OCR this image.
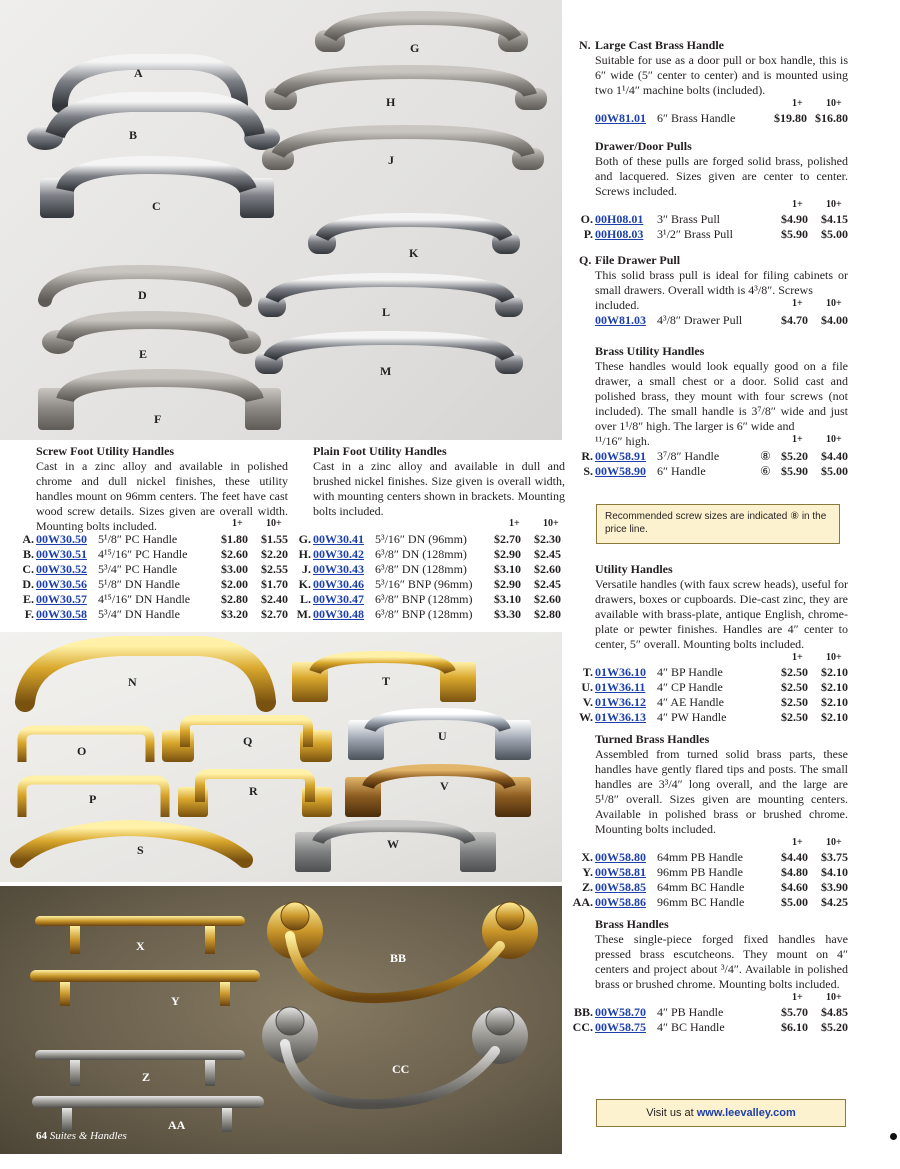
A
B
C
D
E
F
G
H
J
K
L
M
Screw Foot Utility Handles
Cast in a zinc alloy and available in polished chrome and dull nickel finishes, these utility handles mount on 96mm centers. The feet have cast wood screw details. Sizes given are overall width. Mounting bolts included.	1+ 10+
A. 00W30.50 5¹/8″ PC Handle	$1.80	$1.55
B. 00W30.51 4¹⁵/16″ PC Handle	$2.60	$2.20
C. 00W30.52 5³/4″ PC Handle	$3.00	$2.55
D. 00W30.56 5¹/8″ DN Handle	$2.00	$1.70
E. 00W30.57 4¹⁵/16″ DN Handle	$2.80	$2.40
F. 00W30.58 5³/4″ DN Handle	$3.20	$2.70
Plain Foot Utility Handles
Cast in a zinc alloy and available in dull and brushed nickel finishes. Size given is overall width, with mounting centers shown in brackets. Mounting bolts included.
1+ 10+
G. 00W30.41 5³/16″ DN (96mm)	$2.70	$2.30
H. 00W30.42 6³/8″ DN (128mm)	$2.90	$2.45
J. 00W30.43 6³/8″ DN (128mm)	$3.10	$2.60
K. 00W30.46 5³/16″ BNP (96mm)	$2.90	$2.45
L. 00W30.47 6³/8″ BNP (128mm)	$3.10	$2.60
M. 00W30.48 6³/8″ BNP (128mm)	$3.30	$2.80
N
O
P
Q
R
S
T
U
V
W
X
Y
Z
AA
BB
CC
64 Suites & Handles
N. Large Cast Brass Handle
Suitable for use as a door pull or box handle, this is 6″ wide (5″ center to center) and is mounted using two 1¹/4″ machine bolts (included).
1+ 10+
00W81.01 6″ Brass Handle	$19.80 $16.80
Drawer/Door Pulls
Both of these pulls are forged solid brass, polished and lacquered. Sizes given are center to center. Screws included.
1+ 10+
O. 00H08.01 3″ Brass Pull	$4.90	$4.15
P. 00H08.03 3¹/2″ Brass Pull	$5.90	$5.00
Q. File Drawer Pull
This solid brass pull is ideal for filing cabinets or small drawers. Overall width is 4³/8″. Screws
included.	1+ 10+
00W81.03 4³/8″ Drawer Pull	$4.70	$4.00
Brass Utility Handles
These handles would look equally good on a file drawer, a small chest or a door. Solid cast and polished brass, they mount with four screws (not included). The small handle is 3⁷/8″ wide and just over 1¹/8″ high. The larger is 6″ wide and
¹¹/16″ high.	1+ 10+
R. 00W58.91 3⁷/8″ Handle	⑧ $5.20	$4.40
S. 00W58.90 6″ Handle	⑥ $5.90	$5.00
Recommended screw sizes are indicated ⑧ in the price line.
Utility Handles
Versatile handles (with faux screw heads), useful for drawers, boxes or cupboards. Die-cast zinc, they are available with brass-plate, antique English, chrome-plate or pewter finishes. Handles are 4″ center to center, 5″ overall. Mounting bolts included.
1+ 10+
T. 01W36.10 4″ BP Handle	$2.50	$2.10
U. 01W36.11 4″ CP Handle	$2.50	$2.10
V. 01W36.12 4″ AE Handle	$2.50	$2.10
W. 01W36.13 4″ PW Handle	$2.50	$2.10
Turned Brass Handles
Assembled from turned solid brass parts, these handles have gently flared tips and posts. The small handles are 3³/4″ long overall, and the large are 5¹/8″ overall. Sizes given are mounting centers. Available in polished brass or brushed chrome. Mounting bolts included.
1+ 10+
X. 00W58.80 64mm PB Handle	$4.40	$3.75
Y. 00W58.81 96mm PB Handle	$4.80	$4.10
Z. 00W58.85 64mm BC Handle	$4.60	$3.90
AA. 00W58.86 96mm BC Handle	$5.00	$4.25
Brass Handles
These single-piece forged fixed handles have pressed brass escutcheons. They mount on 4″ centers and project about ³/4″. Available in polished brass or brushed chrome. Mounting bolts included.
1+ 10+
BB. 00W58.70 4″ PB Handle	$5.70	$4.85
CC. 00W58.75 4″ BC Handle	$6.10	$5.20
Visit us at www.leevalley.com
